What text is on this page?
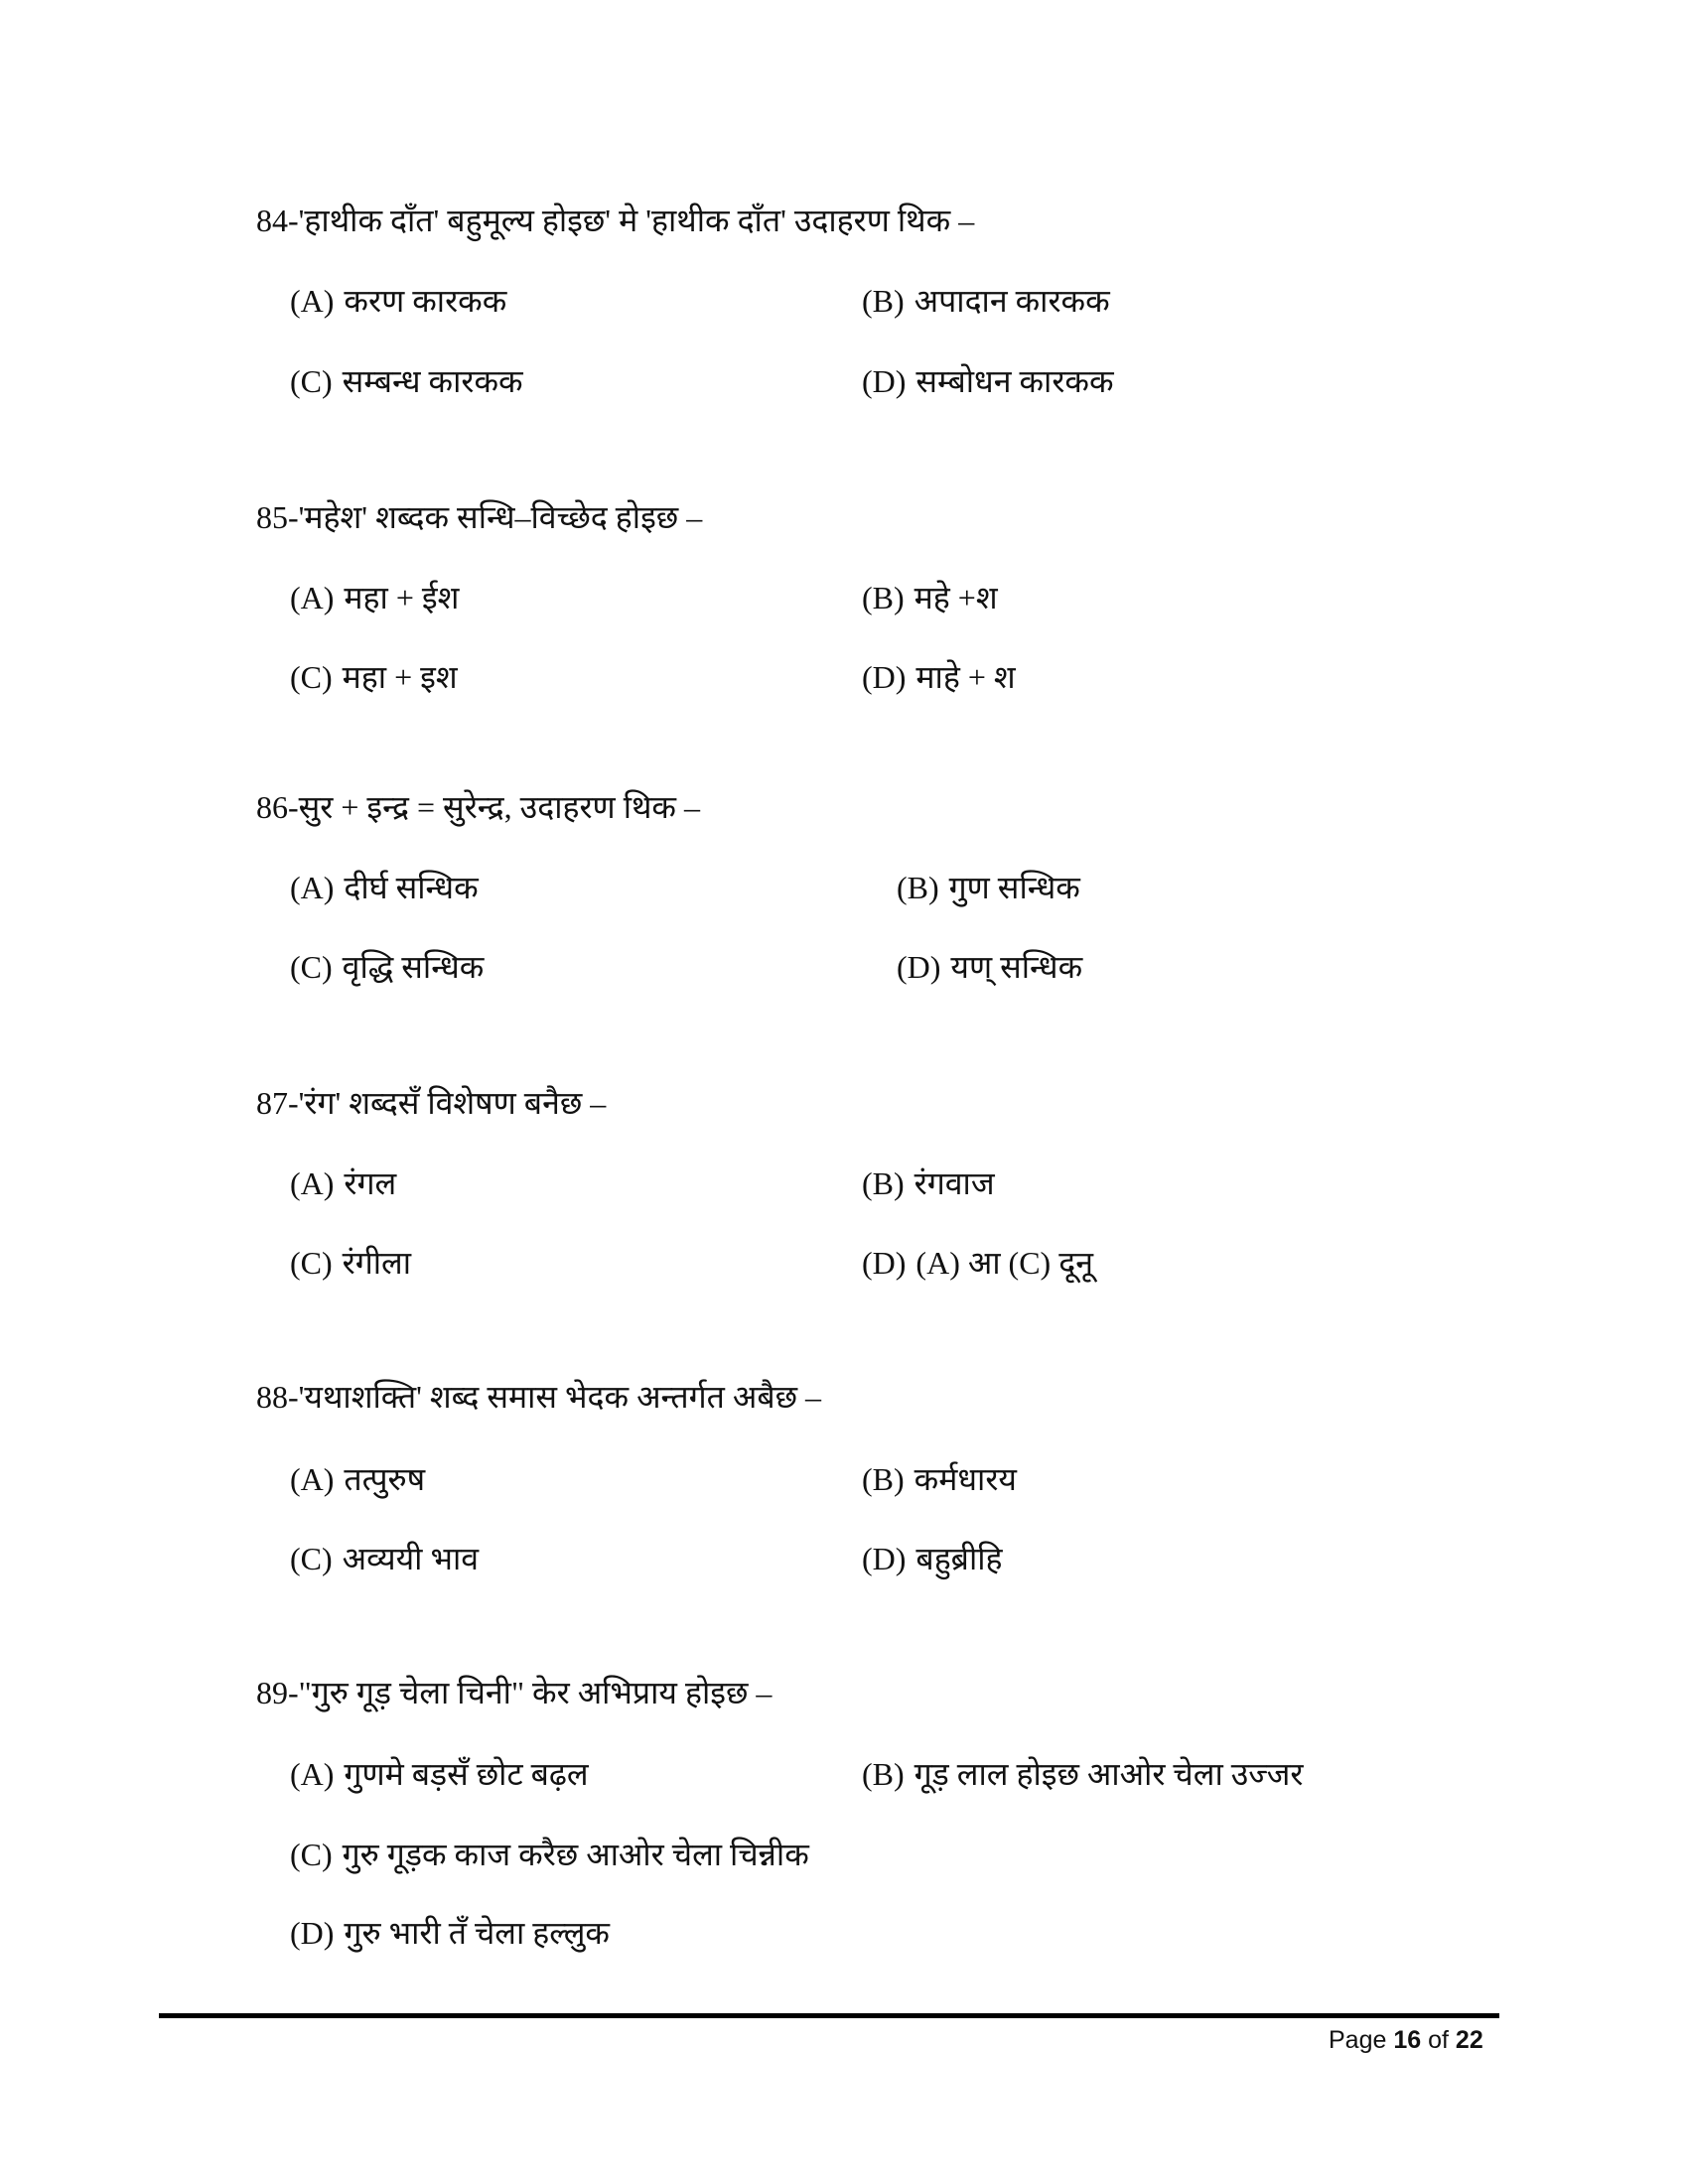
84-'हाथीक दाँत' बहुमूल्य होइछ' मे 'हाथीक दाँत' उदाहरण थिक –
(A) करण कारकक	(B) अपादान कारकक
(C) सम्बन्ध कारकक	(D) सम्बोधन कारकक
85-'महेश' शब्दक सन्धि–विच्छेद होइछ –
(A) महा + ईश	(B) महे +श
(C) महा + इश	(D) माहे + श
86-सुर + इन्द्र = सुरेन्द्र, उदाहरण थिक –
(A) दीर्घ सन्धिक	(B) गुण सन्धिक
(C) वृद्धि सन्धिक	(D) यण् सन्धिक
87-'रंग' शब्दसँ विशेषण बनैछ –
(A) रंगल	(B) रंगवाज
(C) रंगीला	(D) (A) आ (C) दूनू
88-'यथाशक्ति' शब्द समास भेदक अन्तर्गत अबैछ –
(A) तत्पुरुष	(B) कर्मधारय
(C) अव्ययी भाव	(D) बहुब्रीहि
89-"गुरु गूड़ चेला चिनी" केर अभिप्राय होइछ –
(A) गुणमे बड़सँ छोट बढ़ल	(B) गूड़ लाल होइछ आओर चेला उज्जर
(C) गुरु गूड़क काज करैछ आओर चेला चिन्नीक
(D) गुरु भारी तँ चेला हल्लुक
Page 16 of 22
